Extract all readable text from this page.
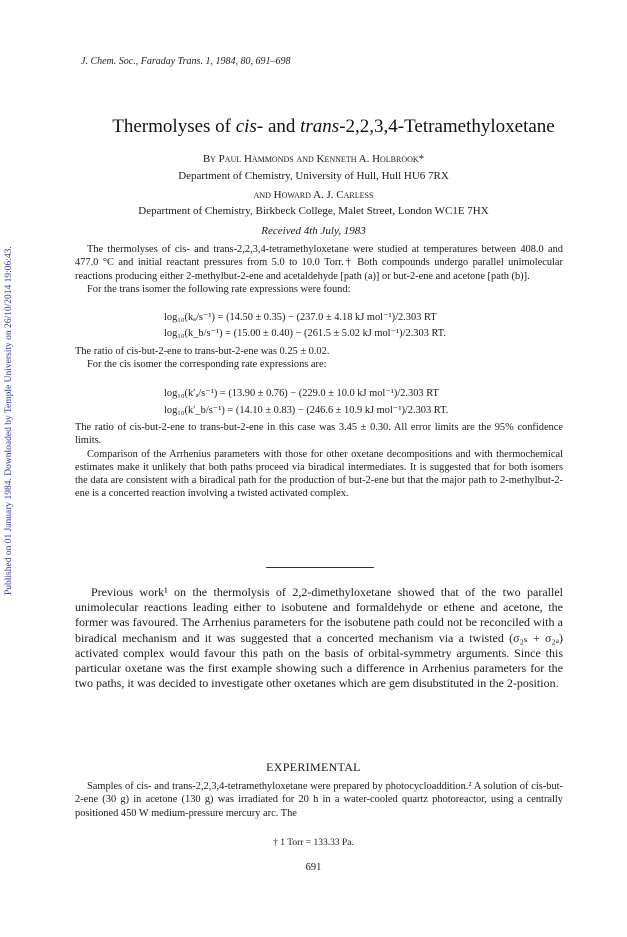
Published on 01 January 1984. Downloaded by Temple University on 26/10/2014 19:06:43.
J. Chem. Soc., Faraday Trans. 1, 1984, 80, 691–698
Thermolyses of cis- and trans-2,2,3,4-Tetramethyloxetane
By Paul Hammonds and Kenneth A. Holbrook*
Department of Chemistry, University of Hull, Hull HU6 7RX
and Howard A. J. Carless
Department of Chemistry, Birkbeck College, Malet Street, London WC1E 7HX
Received 4th July, 1983

The thermolyses of cis- and trans-2,2,3,4-tetramethyloxetane were studied at temperatures between 408.0 and 477.0 °C and initial reactant pressures from 5.0 to 10.0 Torr.† Both compounds undergo parallel unimolecular reactions producing either 2-methylbut-2-ene and acetaldehyde [path (a)] or but-2-ene and acetone [path (b)].

For the trans isomer the following rate expressions were found:

log₁₀(kₐ/s⁻¹) = (14.50 ± 0.35) − (237.0 ± 4.18 kJ mol⁻¹)/2.303 RT
log₁₀(k_b/s⁻¹) = (15.00 ± 0.40) − (261.5 ± 5.02 kJ mol⁻¹)/2.303 RT.

The ratio of cis-but-2-ene to trans-but-2-ene was 0.25 ± 0.02.

For the cis isomer the corresponding rate expressions are:

log₁₀(k′ₐ/s⁻¹) = (13.90 ± 0.76) − (229.0 ± 10.0 kJ mol⁻¹)/2.303 RT
log₁₀(k′_b/s⁻¹) = (14.10 ± 0.83) − (246.6 ± 10.9 kJ mol⁻¹)/2.303 RT.

The ratio of cis-but-2-ene to trans-but-2-ene in this case was 3.45 ± 0.30. All error limits are the 95% confidence limits.

Comparison of the Arrhenius parameters with those for other oxetane decompositions and with thermochemical estimates make it unlikely that both paths proceed via biradical intermediates. It is suggested that for both isomers the data are consistent with a biradical path for the production of but-2-ene but that the major path to 2-methylbut-2-ene is a concerted reaction involving a twisted activated complex.

Previous work¹ on the thermolysis of 2,2-dimethyloxetane showed that of the two parallel unimolecular reactions leading either to isobutene and formaldehyde or ethene and acetone, the former was favoured. The Arrhenius parameters for the isobutene path could not be reconciled with a biradical mechanism and it was suggested that a concerted mechanism via a twisted (σ₂ₛ + σ₂ₐ) activated complex would favour this path on the basis of orbital-symmetry arguments. Since this particular oxetane was the first example showing such a difference in Arrhenius parameters for the two paths, it was decided to investigate other oxetanes which are gem disubstituted in the 2-position.

EXPERIMENTAL

Samples of cis- and trans-2,2,3,4-tetramethyloxetane were prepared by photocycloaddition.² A solution of cis-but-2-ene (30 g) in acetone (130 g) was irradiated for 20 h in a water-cooled quartz photoreactor, using a centrally positioned 450 W medium-pressure mercury arc. The

† 1 Torr = 133.33 Pa.
691
